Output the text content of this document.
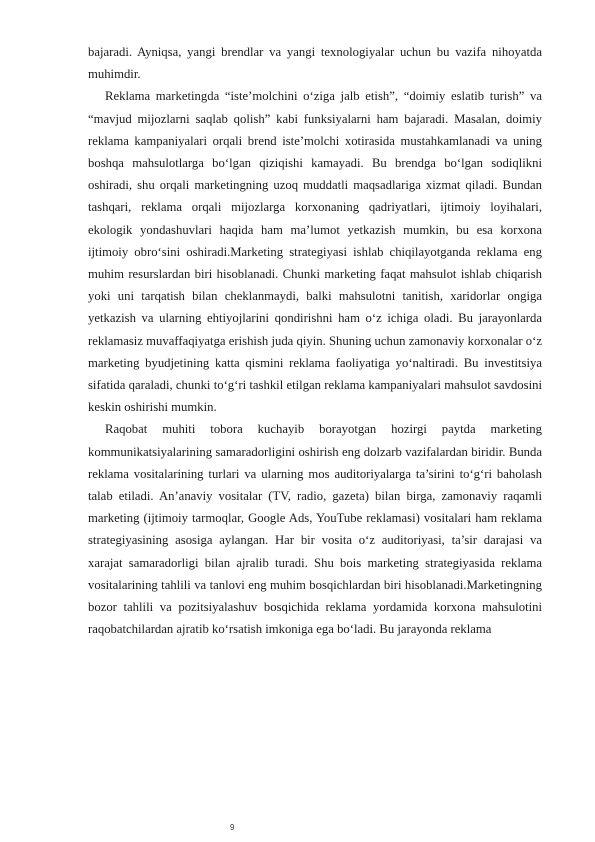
bajaradi. Ayniqsa, yangi brendlar va yangi texnologiyalar uchun bu vazifa nihoyatda muhimdir.

Reklama marketingda “iste’molchini o‘ziga jalb etish”, “doimiy eslatib turish” va “mavjud mijozlarni saqlab qolish” kabi funksiyalarni ham bajaradi. Masalan, doimiy reklama kampaniyalari orqali brend iste’molchi xotirasida mustahkamlanadi va uning boshqa mahsulotlarga bo‘lgan qiziqishi kamayadi. Bu brendga bo‘lgan sodiqlikni oshiradi, shu orqali marketingning uzoq muddatli maqsadlariga xizmat qiladi. Bundan tashqari, reklama orqali mijozlarga korxonaning qadriyatlari, ijtimoiy loyihalari, ekologik yondashuvlari haqida ham ma’lumot yetkazish mumkin, bu esa korxona ijtimoiy obro‘sini oshiradi.Marketing strategiyasi ishlab chiqilayotganda reklama eng muhim resurslardan biri hisoblanadi. Chunki marketing faqat mahsulot ishlab chiqarish yoki uni tarqatish bilan cheklanmaydi, balki mahsulotni tanitish, xaridorlar ongiga yetkazish va ularning ehtiyojlarini qondirishni ham o‘z ichiga oladi. Bu jarayonlarda reklamasiz muvaffaqiyatga erishish juda qiyin. Shuning uchun zamonaviy korxonalar o‘z marketing byudjetining katta qismini reklama faoliyatiga yo‘naltiradi. Bu investitsiya sifatida qaraladi, chunki to‘g‘ri tashkil etilgan reklama kampaniyalari mahsulot savdosini keskin oshirishi mumkin.

Raqobat muhiti tobora kuchayib borayotgan hozirgi paytda marketing kommunikatsiyalarining samaradorligini oshirish eng dolzarb vazifalardan biridir. Bunda reklama vositalarining turlari va ularning mos auditoriyalarga ta’sirini to‘g‘ri baholash talab etiladi. An’anaviy vositalar (TV, radio, gazeta) bilan birga, zamonaviy raqamli marketing (ijtimoiy tarmoqlar, Google Ads, YouTube reklamasi) vositalari ham reklama strategiyasining asosiga aylangan. Har bir vosita o‘z auditoriyasi, ta’sir darajasi va xarajat samaradorligi bilan ajralib turadi. Shu bois marketing strategiyasida reklama vositalarining tahlili va tanlovi eng muhim bosqichlardan biri hisoblanadi.Marketingning bozor tahlili va pozitsiyalashuv bosqichida reklama yordamida korxona mahsulotini raqobatchilardan ajratib ko‘rsatish imkoniga ega bo‘ladi. Bu jarayonda reklama

9
